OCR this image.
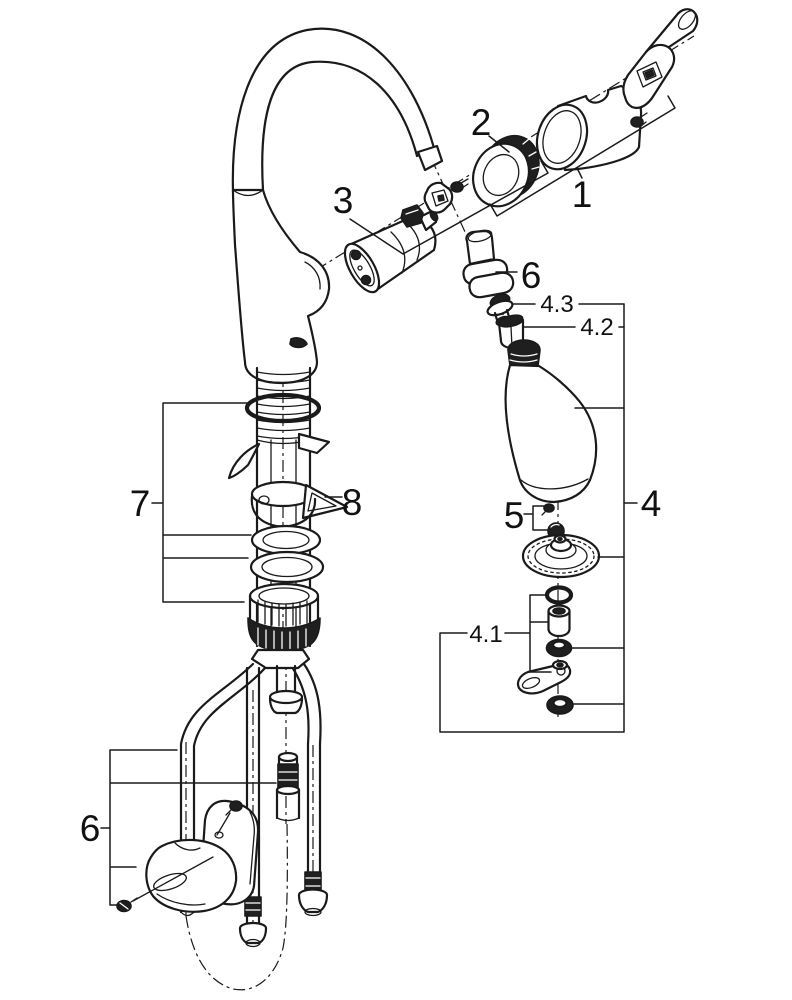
2
1
3
6
4.3
4.2
4
5
4.1
7	8
6
